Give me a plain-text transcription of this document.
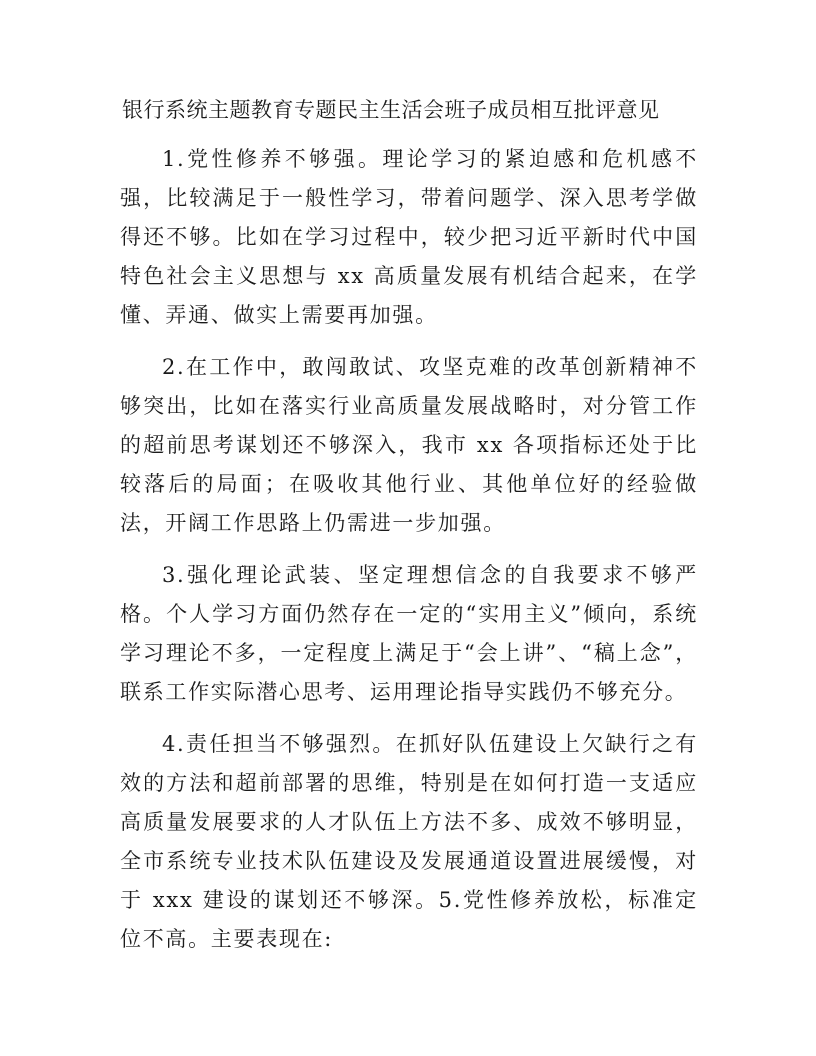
银行系统主题教育专题民主生活会班子成员相互批评意见

1.党性修养不够强。理论学习的紧迫感和危机感不强，比较满足于一般性学习，带着问题学、深入思考学做得还不够。比如在学习过程中，较少把习近平新时代中国特色社会主义思想与 xx 高质量发展有机结合起来，在学懂、弄通、做实上需要再加强。

2.在工作中，敢闯敢试、攻坚克难的改革创新精神不够突出，比如在落实行业高质量发展战略时，对分管工作的超前思考谋划还不够深入，我市 xx 各项指标还处于比较落后的局面；在吸收其他行业、其他单位好的经验做法，开阔工作思路上仍需进一步加强。

3.强化理论武装、坚定理想信念的自我要求不够严格。个人学习方面仍然存在一定的“实用主义”倾向，系统学习理论不多，一定程度上满足于“会上讲”、“稿上念”，联系工作实际潜心思考、运用理论指导实践仍不够充分。

4.责任担当不够强烈。在抓好队伍建设上欠缺行之有效的方法和超前部署的思维，特别是在如何打造一支适应高质量发展要求的人才队伍上方法不多、成效不够明显，全市系统专业技术队伍建设及发展通道设置进展缓慢，对于 xxx 建设的谋划还不够深。5.党性修养放松，标准定位不高。主要表现在:
